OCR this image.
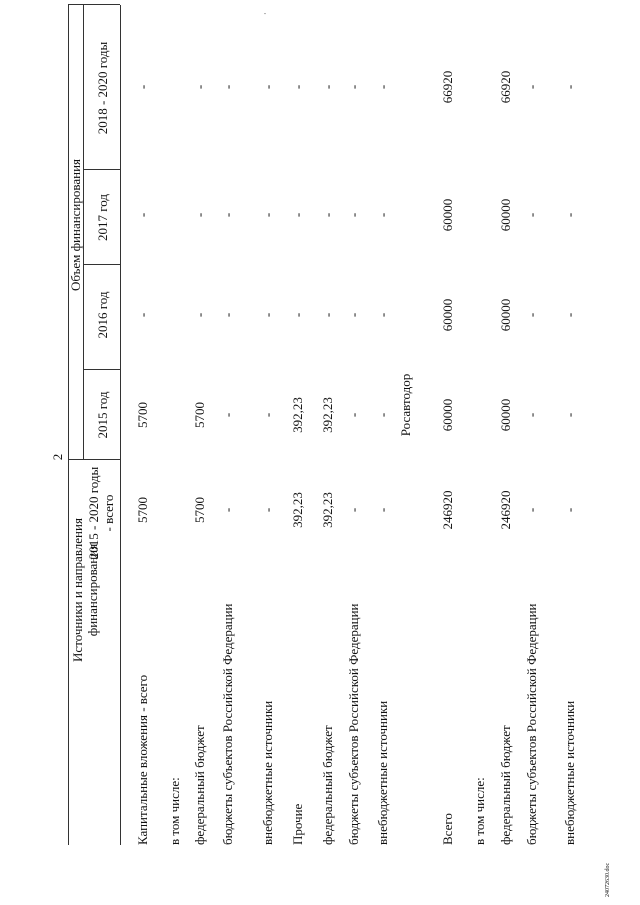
2
Источники и направления финансирования
Объем финансирования
2015 - 2020 годы - всего
2015 год
2016 год
2017 год
2018 - 2020 годы
Капитальные вложения - всего
5700
5700
-
-
-
в том числе: федеральный бюджет
5700
5700
-
-
-
бюджеты субъектов Российской Федерации
-
-
-
-
-
внебюджетные источники
-
-
-
-
-
Прочие
392,23
392,23
-
-
-
федеральный бюджет
392,23
392,23
-
-
-
бюджеты субъектов Российской Федерации
-
-
-
-
-
внебюджетные источники
-
-
-
-
-
Росавтодор
Всего
246920
60000
60000
60000
66920
в том числе: федеральный бюджет
246920
60000
60000
60000
66920
бюджеты субъектов Российской Федерации
-
-
-
-
-
внебюджетные источники
-
-
-
-
-
24072630.doc
·
